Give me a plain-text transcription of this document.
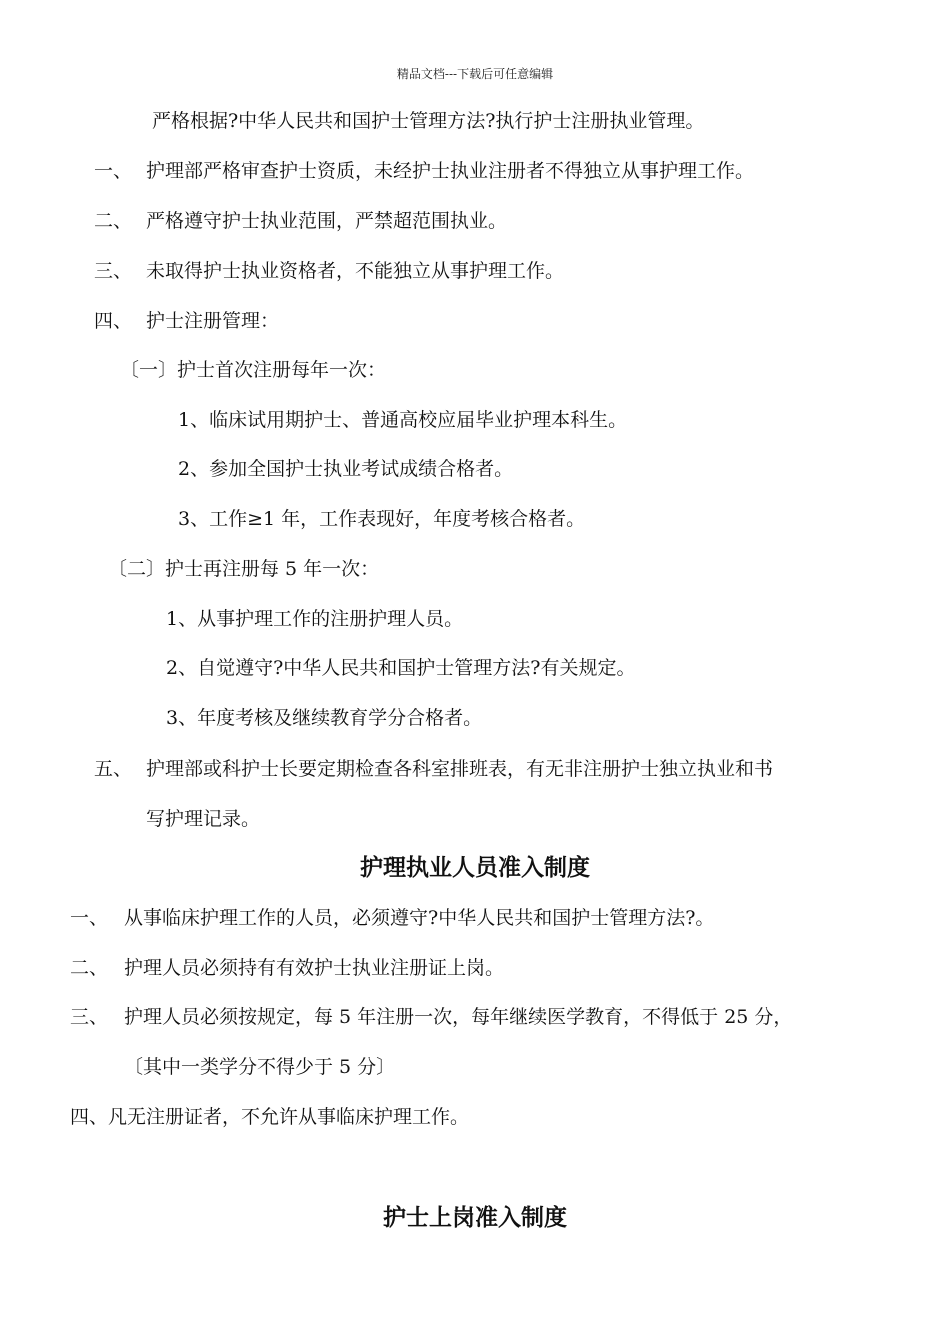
精品文档---下载后可任意编辑
严格根据?中华人民共和国护士管理方法?执行护士注册执业管理。
一、 护理部严格审查护士资质，未经护士执业注册者不得独立从事护理工作。
二、 严格遵守护士执业范围，严禁超范围执业。
三、 未取得护士执业资格者，不能独立从事护理工作。
四、 护士注册管理：
〔一〕护士首次注册每年一次：
1、临床试用期护士、普通高校应届毕业护理本科生。
2、参加全国护士执业考试成绩合格者。
3、工作≥1 年，工作表现好，年度考核合格者。
〔二〕护士再注册每 5 年一次：
1、从事护理工作的注册护理人员。
2、自觉遵守?中华人民共和国护士管理方法?有关规定。
3、年度考核及继续教育学分合格者。
五、 护理部或科护士长要定期检查各科室排班表，有无非注册护士独立执业和书
写护理记录。
护理执业人员准入制度
一、 从事临床护理工作的人员，必须遵守?中华人民共和国护士管理方法?。
二、 护理人员必须持有有效护士执业注册证上岗。
三、 护理人员必须按规定，每 5 年注册一次，每年继续医学教育，不得低于 25 分，
〔其中一类学分不得少于 5 分〕
四、凡无注册证者，不允许从事临床护理工作。
护士上岗准入制度
